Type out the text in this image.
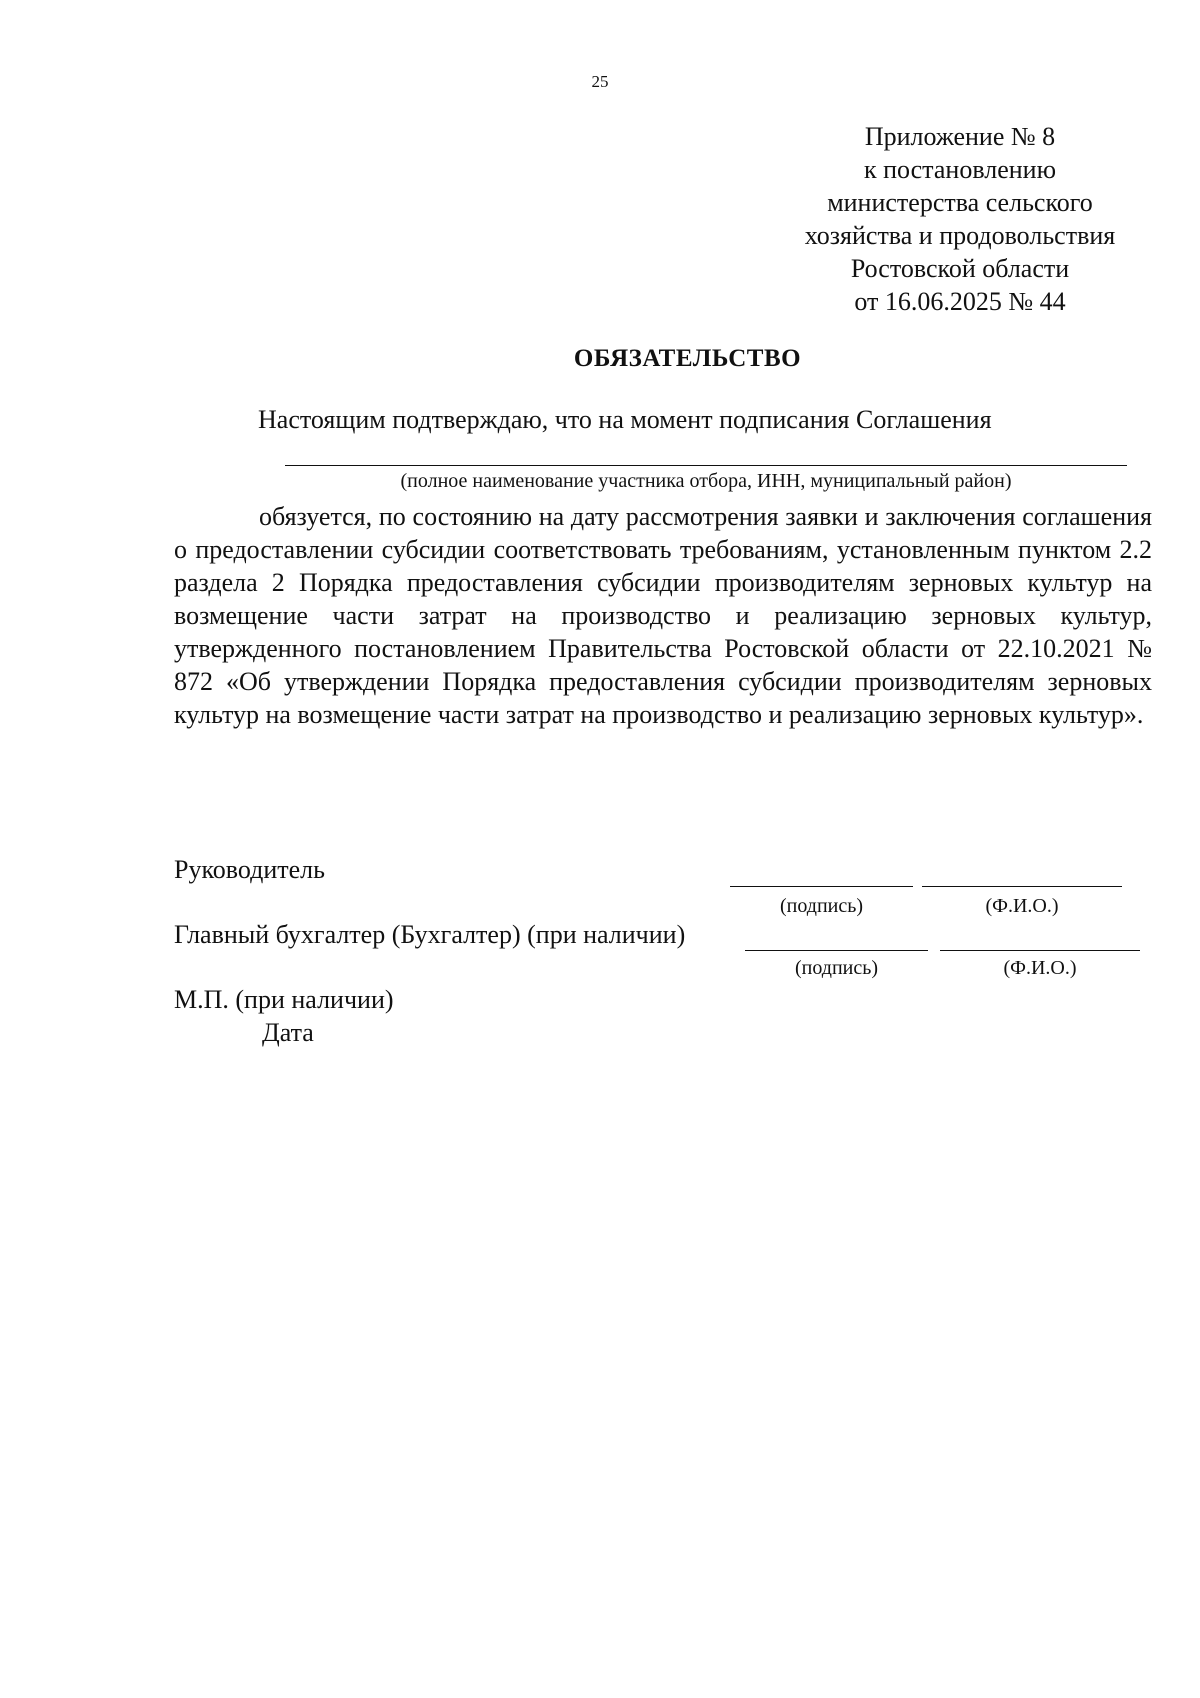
25
Приложение № 8
к постановлению
министерства сельского
хозяйства и продовольствия
Ростовской области
от 16.06.2025 № 44
ОБЯЗАТЕЛЬСТВО
Настоящим подтверждаю, что на момент подписания Соглашения
(полное наименование участника отбора, ИНН, муниципальный район)
обязуется, по состоянию на дату рассмотрения заявки и заключения соглашения о предоставлении субсидии соответствовать требованиям, установленным пунктом 2.2 раздела 2 Порядка предоставления субсидии производителям зерновых культур на возмещение части затрат на производство и реализацию зерновых культур, утвержденного постановлением Правительства Ростовской области от 22.10.2021 № 872 «Об утверждении Порядка предоставления субсидии производителям зерновых культур на возмещение части затрат на производство и реализацию зерновых культур».
Руководитель
(подпись)	(Ф.И.О.)
Главный бухгалтер (Бухгалтер) (при наличии)
(подпись)	(Ф.И.О.)
М.П. (при наличии)
Дата
